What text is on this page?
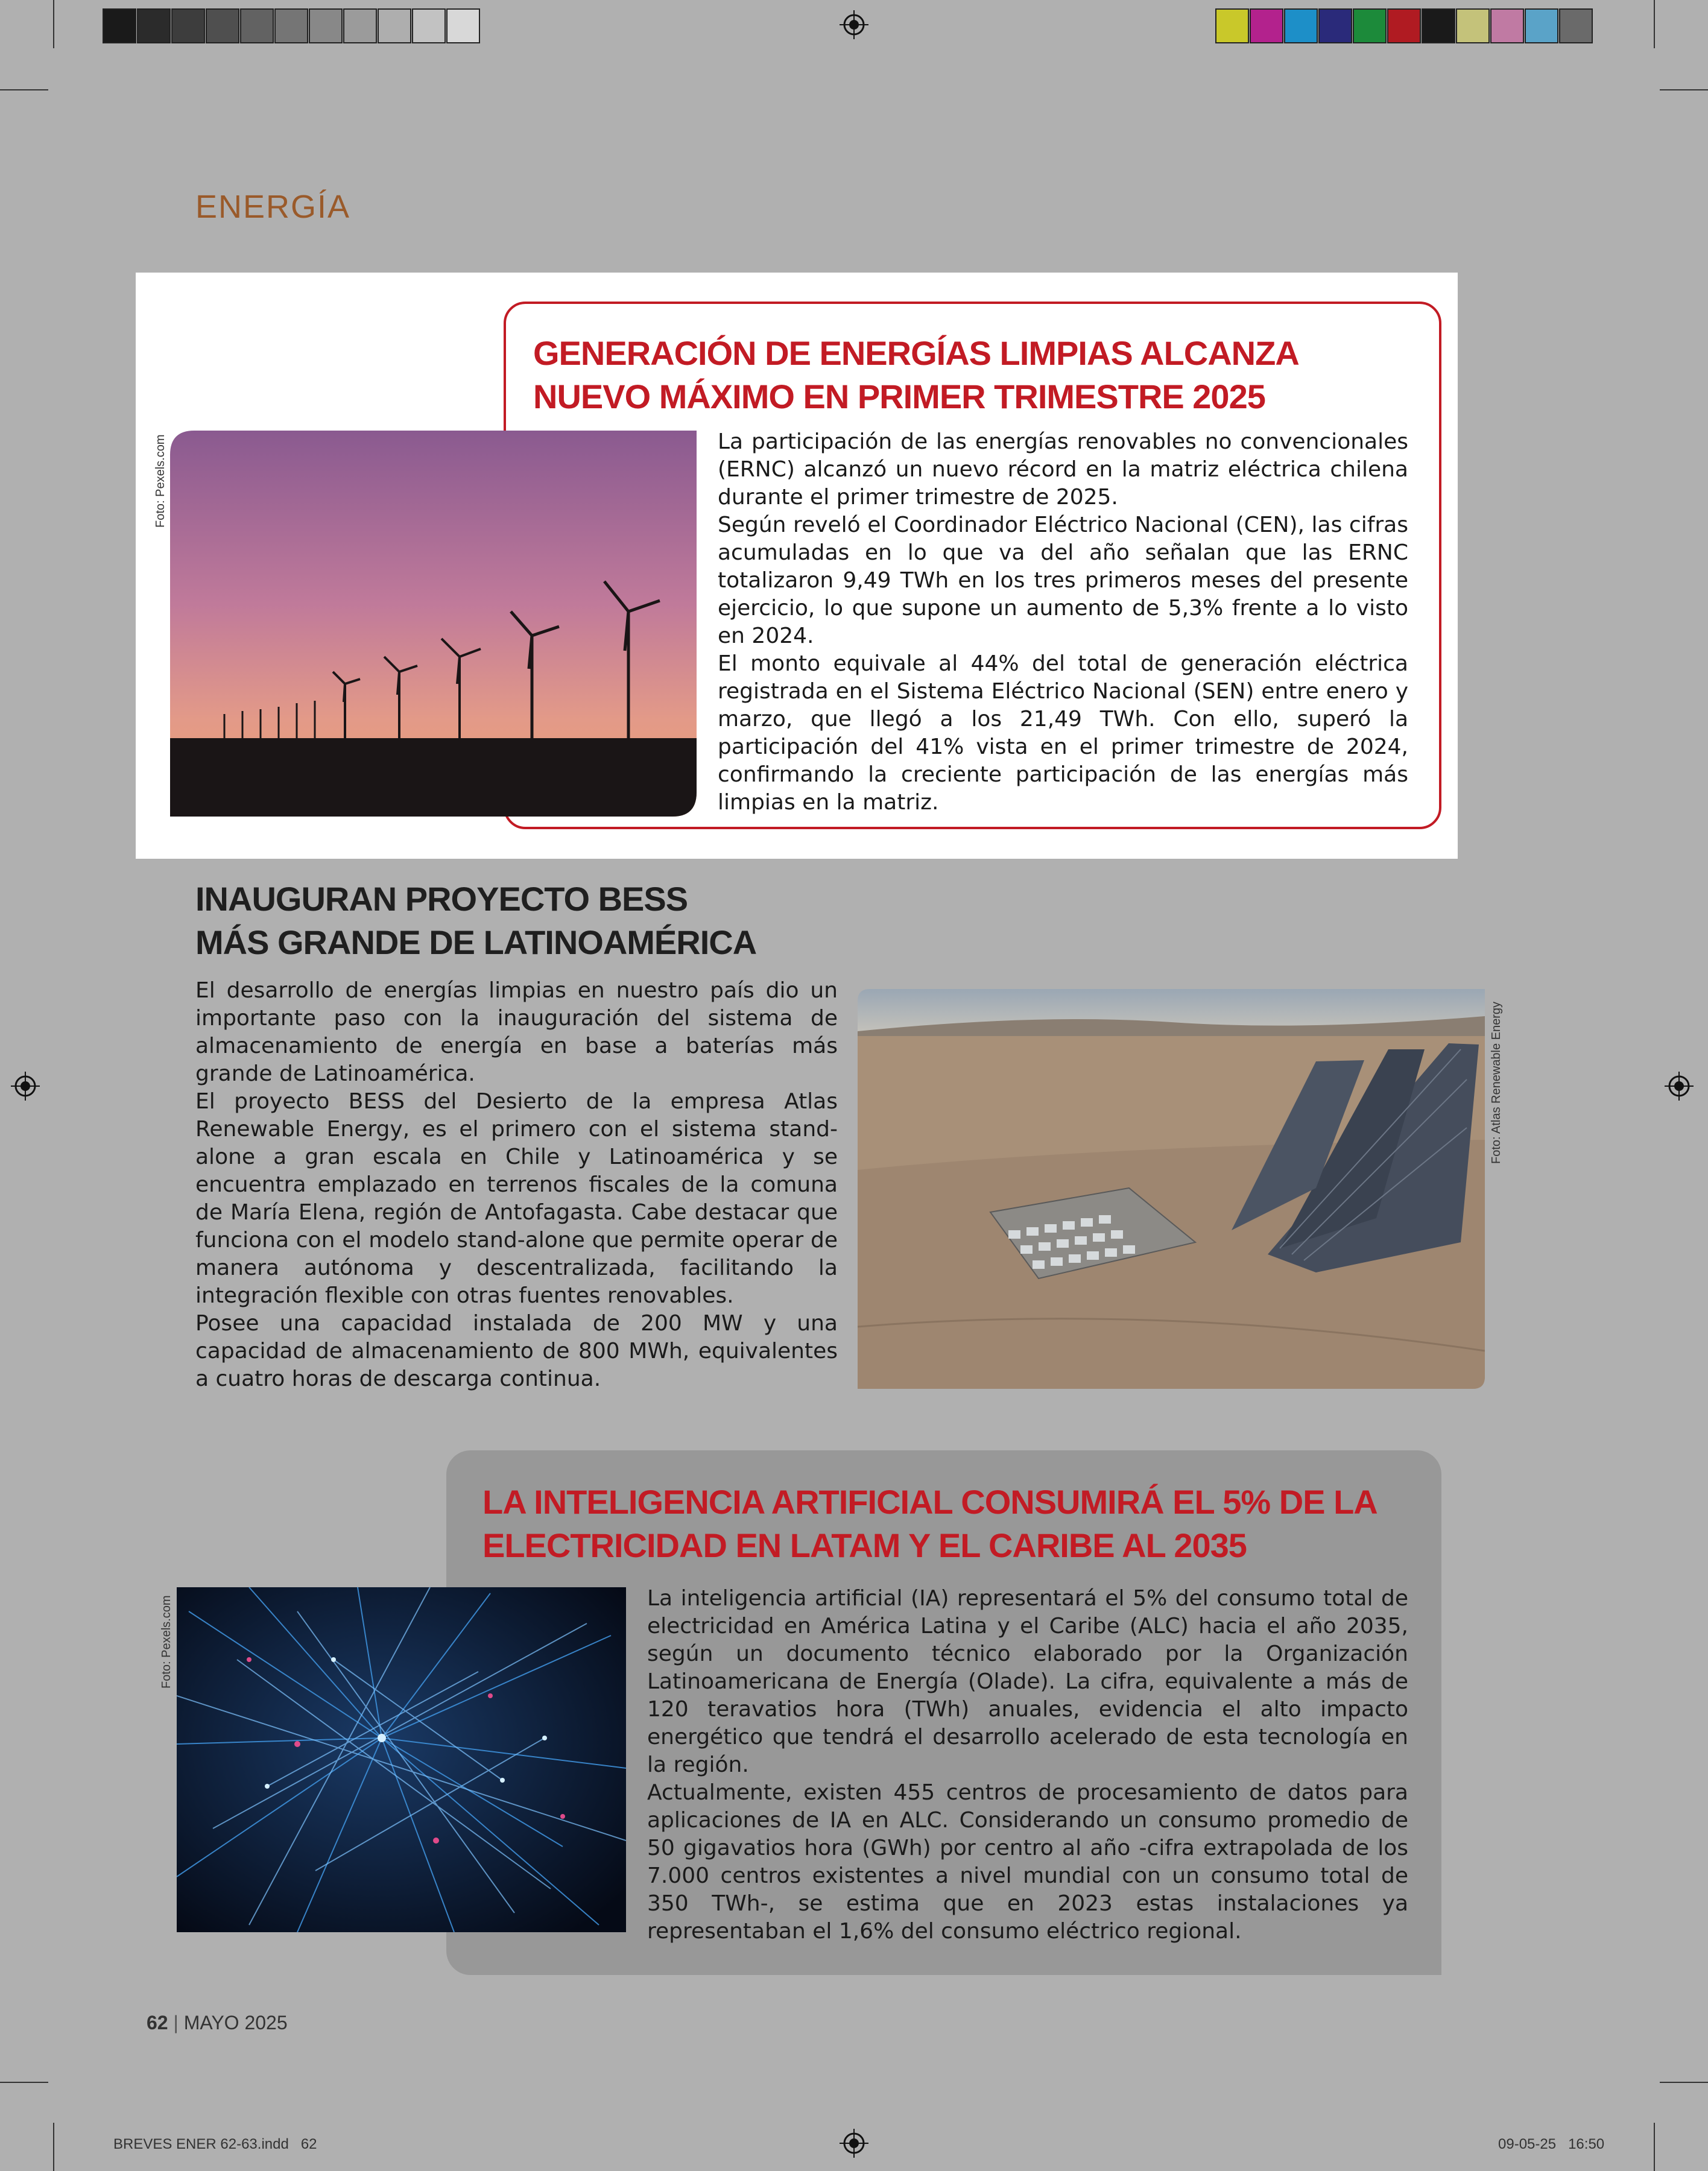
ENERGÍA
GENERACIÓN DE ENERGÍAS LIMPIAS ALCANZA
NUEVO MÁXIMO EN PRIMER TRIMESTRE 2025
Foto: Pexels.com	La participación de las energías renovables no convencionales (ERNC) alcanzó un nuevo récord en la matriz eléctrica chilena durante el primer trimestre de 2025.

Según reveló el Coordinador Eléctrico Nacional (CEN), las cifras acumuladas en lo que va del año señalan que las ERNC totalizaron 9,49 TWh en los tres primeros meses del presente ejercicio, lo que supone un aumento de 5,3% frente a lo visto en 2024.

El monto equivale al 44% del total de generación eléctrica registrada en el Sistema Eléctrico Nacional (SEN) entre enero y marzo, que llegó a los 21,49 TWh. Con ello, superó la participación del 41% vista en el primer trimestre de 2024, confirmando la creciente participación de las energías más limpias en la matriz.

INAUGURAN PROYECTO BESS
MÁS GRANDE DE LATINOAMÉRICA

El desarrollo de energías limpias en nuestro país dio un importante paso con la inauguración del sistema de almacenamiento de energía en base a baterías más grande de Latinoamérica.

El proyecto BESS del Desierto de la empresa Atlas Renewable Energy, es el primero con el sistema stand-alone a gran escala en Chile y Latinoamérica y se encuentra emplazado en terrenos fiscales de la comuna de María Elena, región de Antofagasta. Cabe destacar que funciona con el modelo stand-alone que permite operar de manera autónoma y descentralizada, facilitando la integración flexible con otras fuentes renovables.

Posee una capacidad instalada de 200 MW y una capacidad de almacenamiento de 800 MWh, equivalentes a cuatro horas de descarga continua.

Foto: Atlas Renewable Energy
LA INTELIGENCIA ARTIFICIAL CONSUMIRÁ EL 5% DE LA
ELECTRICIDAD EN LATAM Y EL CARIBE AL 2035
Foto: Pexels.com	La inteligencia artificial (IA) representará el 5% del consumo total de electricidad en América Latina y el Caribe (ALC) hacia el año 2035, según un documento técnico elaborado por la Organización Latinoamericana de Energía (Olade). La cifra, equivalente a más de 120 teravatios hora (TWh) anuales, evidencia el alto impacto energético que tendrá el desarrollo acelerado de esta tecnología en la región.

Actualmente, existen 455 centros de procesamiento de datos para aplicaciones de IA en ALC. Considerando un consumo promedio de 50 gigavatios hora (GWh) por centro al año -cifra extrapolada de los 7.000 centros existentes a nivel mundial con un consumo total de 350 TWh-, se estima que en 2023 estas instalaciones ya representaban el 1,6% del consumo eléctrico regional.

62 | MAYO 2025
BREVES ENER 62-63.indd   62	09-05-25   16:50
